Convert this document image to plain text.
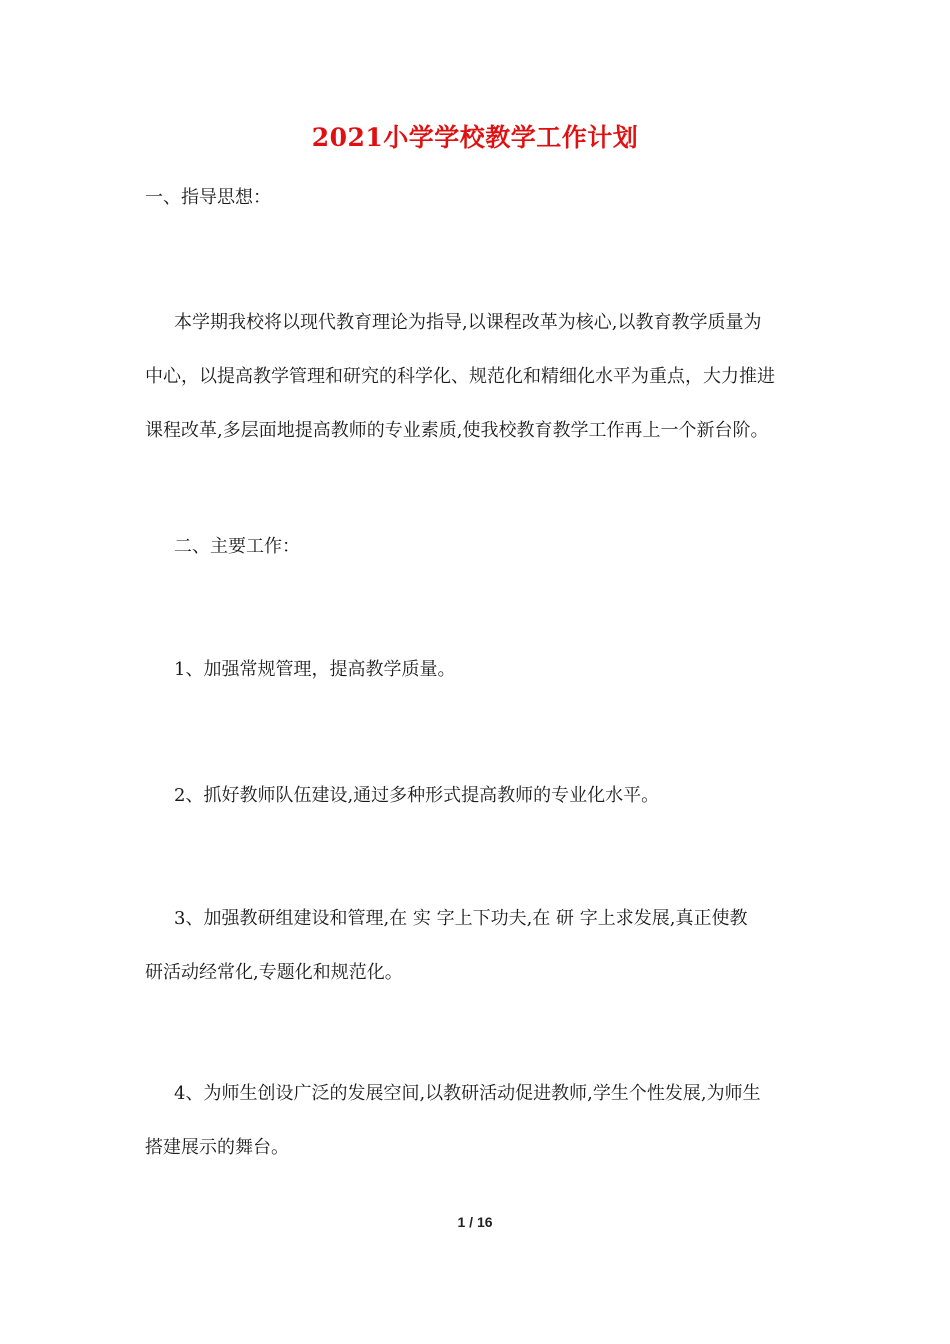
2021小学学校教学工作计划
一、指导思想：
本学期我校将以现代教育理论为指导,以课程改革为核心,以教育教学质量为
中心，以提高教学管理和研究的科学化、规范化和精细化水平为重点，大力推进
课程改革,多层面地提高教师的专业素质,使我校教育教学工作再上一个新台阶。
二、主要工作：
1、加强常规管理，提高教学质量。
2、抓好教师队伍建设,通过多种形式提高教师的专业化水平。
3、加强教研组建设和管理,在 实 字上下功夫,在 研 字上求发展,真正使教
研活动经常化,专题化和规范化。
4、为师生创设广泛的发展空间,以教研活动促进教师,学生个性发展,为师生
搭建展示的舞台。
1 / 16
